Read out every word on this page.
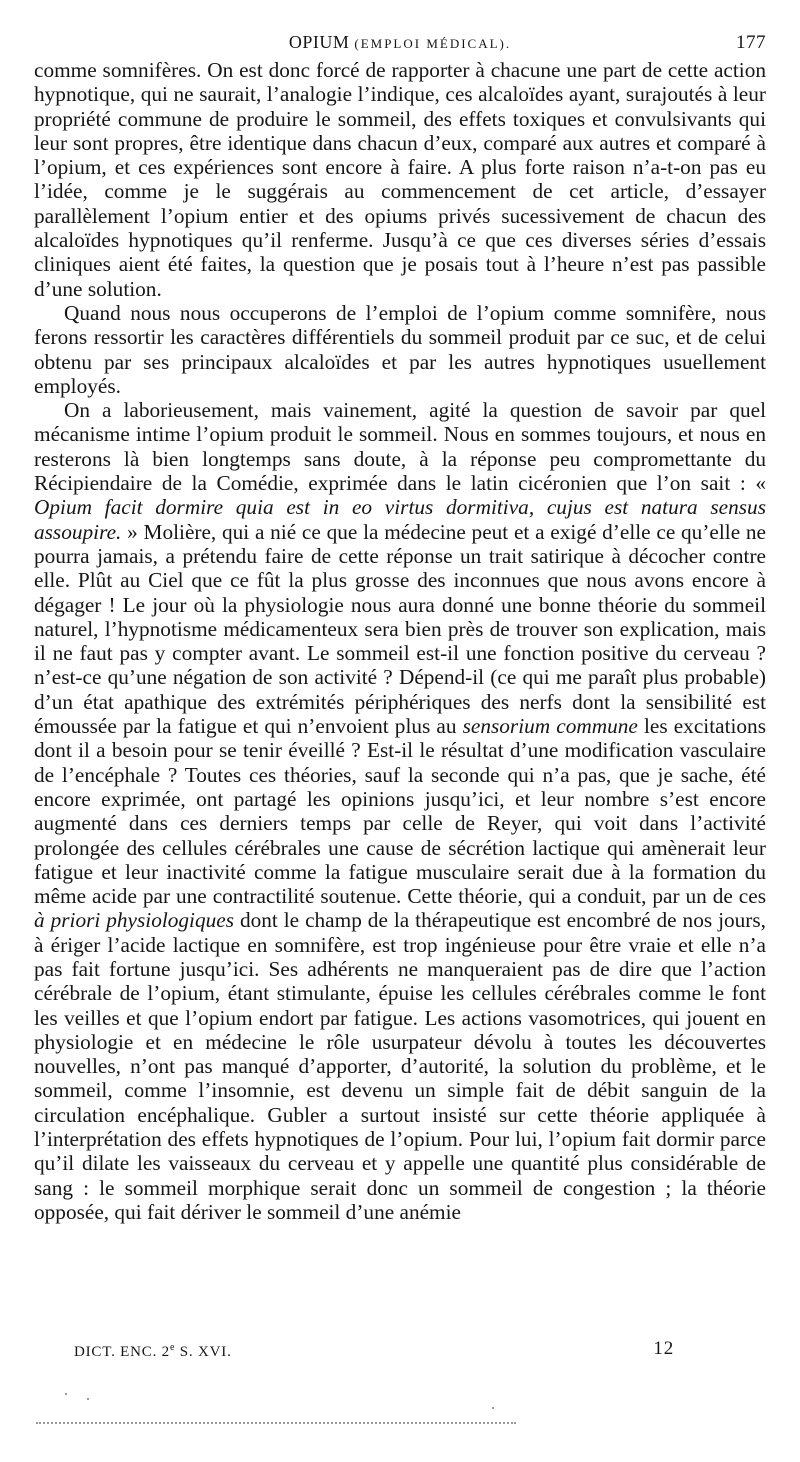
OPIUM (EMPLOI MÉDICAL).	177

comme somnifères. On est donc forcé de rapporter à chacune une part de cette action hypnotique, qui ne saurait, l’analogie l’indique, ces alcaloïdes ayant, surajoutés à leur propriété commune de produire le sommeil, des effets toxiques et convulsivants qui leur sont propres, être identique dans chacun d’eux, comparé aux autres et comparé à l’opium, et ces expériences sont encore à faire. A plus forte raison n’a-t-on pas eu l’idée, comme je le suggérais au commencement de cet article, d’essayer parallèlement l’opium entier et des opiums privés sucessivement de chacun des alcaloïdes hypnotiques qu’il renferme. Jusqu’à ce que ces diverses séries d’essais cliniques aient été faites, la question que je posais tout à l’heure n’est pas passible d’une solution.

Quand nous nous occuperons de l’emploi de l’opium comme somnifère, nous ferons ressortir les caractères différentiels du sommeil produit par ce suc, et de celui obtenu par ses principaux alcaloïdes et par les autres hypnotiques usuellement employés.

On a laborieusement, mais vainement, agité la question de savoir par quel mécanisme intime l’opium produit le sommeil. Nous en sommes toujours, et nous en resterons là bien longtemps sans doute, à la réponse peu compromettante du Récipiendaire de la Comédie, exprimée dans le latin cicéronien que l’on sait : « Opium facit dormire quia est in eo virtus dormitiva, cujus est natura sensus assoupire. » Molière, qui a nié ce que la médecine peut et a exigé d’elle ce qu’elle ne pourra jamais, a prétendu faire de cette réponse un trait satirique à décocher contre elle. Plût au Ciel que ce fût la plus grosse des inconnues que nous avons encore à dégager ! Le jour où la physiologie nous aura donné une bonne théorie du sommeil naturel, l’hypnotisme médicamenteux sera bien près de trouver son explication, mais il ne faut pas y compter avant. Le sommeil est-il une fonction positive du cerveau ? n’est-ce qu’une négation de son activité ? Dépend-il (ce qui me paraît plus probable) d’un état apathique des extrémités périphériques des nerfs dont la sensibilité est émoussée par la fatigue et qui n’envoient plus au sensorium commune les excitations dont il a besoin pour se tenir éveillé ? Est-il le résultat d’une modification vasculaire de l’encéphale ? Toutes ces théories, sauf la seconde qui n’a pas, que je sache, été encore exprimée, ont partagé les opinions jusqu’ici, et leur nombre s’est encore augmenté dans ces derniers temps par celle de Reyer, qui voit dans l’activité prolongée des cellules cérébrales une cause de sécrétion lactique qui amènerait leur fatigue et leur inactivité comme la fatigue musculaire serait due à la formation du même acide par une contractilité soutenue. Cette théorie, qui a conduit, par un de ces à priori physiologiques dont le champ de la thérapeutique est encombré de nos jours, à ériger l’acide lactique en somnifère, est trop ingénieuse pour être vraie et elle n’a pas fait fortune jusqu’ici. Ses adhérents ne manqueraient pas de dire que l’action cérébrale de l’opium, étant stimulante, épuise les cellules cérébrales comme le font les veilles et que l’opium endort par fatigue. Les actions vasomotrices, qui jouent en physiologie et en médecine le rôle usurpateur dévolu à toutes les découvertes nouvelles, n’ont pas manqué d’apporter, d’autorité, la solution du problème, et le sommeil, comme l’insomnie, est devenu un simple fait de débit sanguin de la circulation encéphalique. Gubler a surtout insisté sur cette théorie appliquée à l’interprétation des effets hypnotiques de l’opium. Pour lui, l’opium fait dormir parce qu’il dilate les vaisseaux du cerveau et y appelle une quantité plus considérable de sang : le sommeil morphique serait donc un sommeil de congestion ; la théorie opposée, qui fait dériver le sommeil d’une anémie

DICT. ENC. 2e S. XVI.	12
